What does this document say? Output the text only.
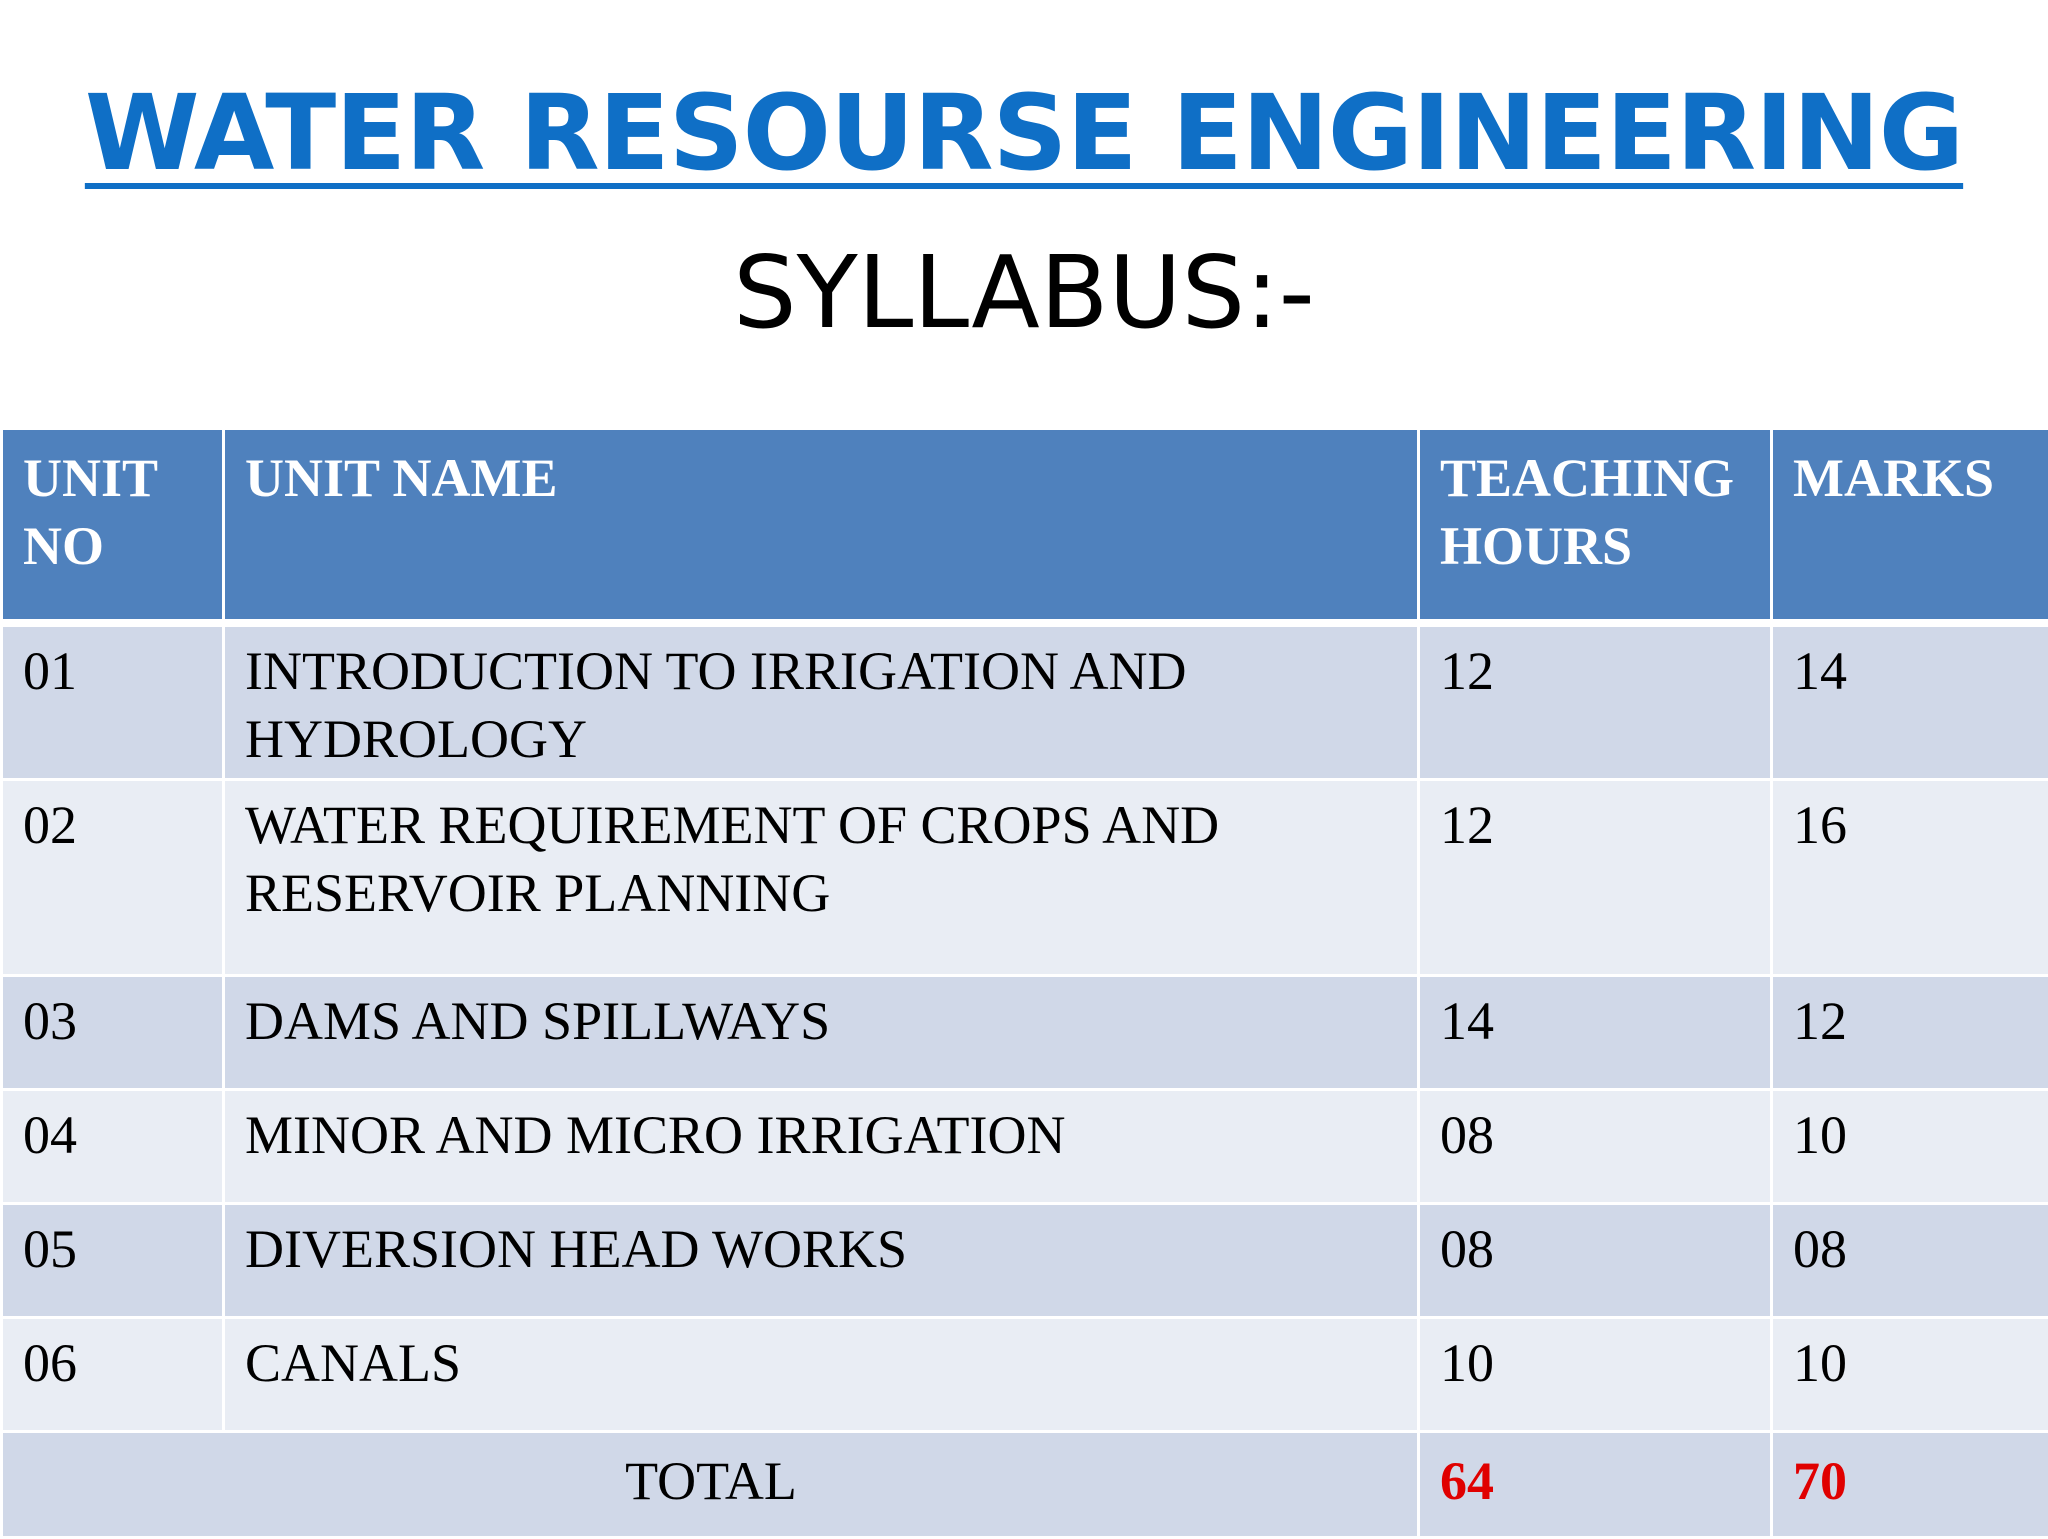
WATER RESOURSE ENGINEERING
SYLLABUS:-
UNIT NO	UNIT NAME	TEACHING HOURS	MARKS
01	INTRODUCTION TO IRRIGATION AND HYDROLOGY	12	14
02	WATER REQUIREMENT OF CROPS AND RESERVOIR PLANNING	12	16
03	DAMS AND SPILLWAYS	14	12
04	MINOR AND MICRO IRRIGATION	08	10
05	DIVERSION HEAD WORKS	08	08
06	CANALS	10	10
TOTAL		64	70
